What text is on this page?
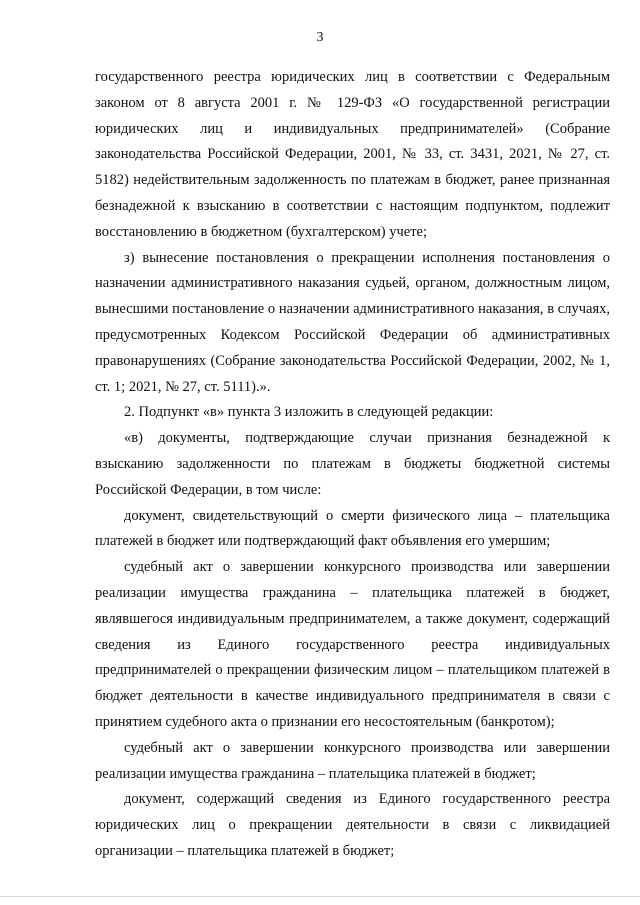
3

государственного реестра юридических лиц в соответствии с Федеральным законом от 8 августа 2001 г. № 129-ФЗ «О государственной регистрации юридических лиц и индивидуальных предпринимателей» (Собрание законодательства Российской Федерации, 2001, № 33, ст. 3431, 2021, № 27, ст. 5182) недействительным задолженность по платежам в бюджет, ранее признанная безнадежной к взысканию в соответствии с настоящим подпунктом, подлежит восстановлению в бюджетном (бухгалтерском) учете;

з) вынесение постановления о прекращении исполнения постановления о назначении административного наказания судьей, органом, должностным лицом, вынесшими постановление о назначении административного наказания, в случаях, предусмотренных Кодексом Российской Федерации об административных правонарушениях (Собрание законодательства Российской Федерации, 2002, № 1, ст. 1; 2021, № 27, ст. 5111).».

2. Подпункт «в» пункта 3 изложить в следующей редакции:

«в) документы, подтверждающие случаи признания безнадежной к взысканию задолженности по платежам в бюджеты бюджетной системы Российской Федерации, в том числе:

документ, свидетельствующий о смерти физического лица – плательщика платежей в бюджет или подтверждающий факт объявления его умершим;

судебный акт о завершении конкурсного производства или завершении реализации имущества гражданина – плательщика платежей в бюджет, являвшегося индивидуальным предпринимателем, а также документ, содержащий сведения из Единого государственного реестра индивидуальных предпринимателей о прекращении физическим лицом – плательщиком платежей в бюджет деятельности в качестве индивидуального предпринимателя в связи с принятием судебного акта о признании его несостоятельным (банкротом);

судебный акт о завершении конкурсного производства или завершении реализации имущества гражданина – плательщика платежей в бюджет;

документ, содержащий сведения из Единого государственного реестра юридических лиц о прекращении деятельности в связи с ликвидацией организации – плательщика платежей в бюджет;
